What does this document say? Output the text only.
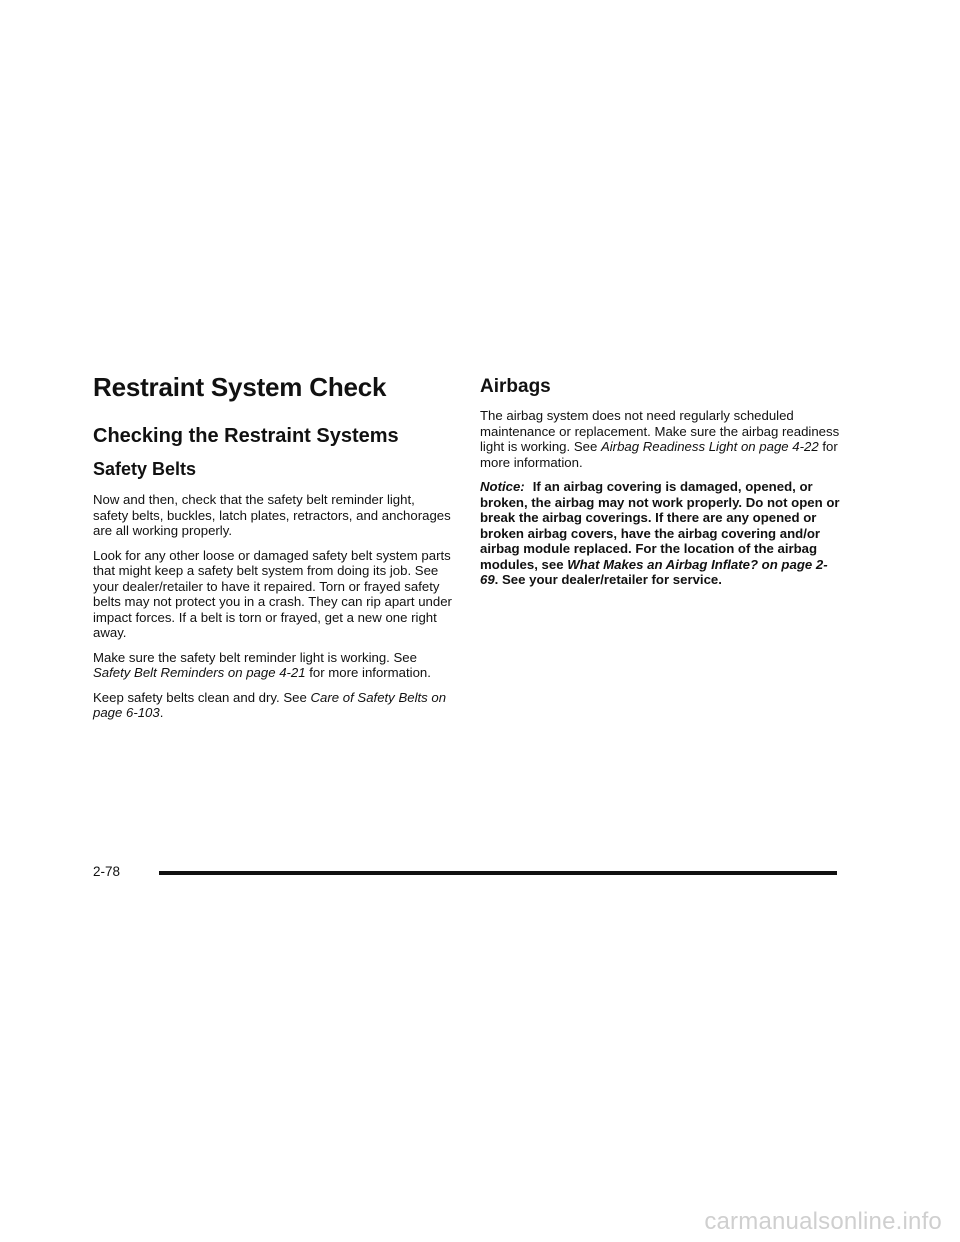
Restraint System Check
Checking the Restraint Systems
Safety Belts

Now and then, check that the safety belt reminder light, safety belts, buckles, latch plates, retractors, and anchorages are all working properly.

Look for any other loose or damaged safety belt system parts that might keep a safety belt system from doing its job. See your dealer/retailer to have it repaired. Torn or frayed safety belts may not protect you in a crash. They can rip apart under impact forces. If a belt is torn or frayed, get a new one right away.

Make sure the safety belt reminder light is working. See Safety Belt Reminders on page 4-21 for more information.

Keep safety belts clean and dry. See Care of Safety Belts on page 6-103.

Airbags

The airbag system does not need regularly scheduled maintenance or replacement. Make sure the airbag readiness light is working. See Airbag Readiness Light on page 4-22 for more information.

Notice: If an airbag covering is damaged, opened, or broken, the airbag may not work properly. Do not open or break the airbag coverings. If there are any opened or broken airbag covers, have the airbag covering and/or airbag module replaced. For the location of the airbag modules, see What Makes an Airbag Inflate? on page 2-69. See your dealer/retailer for service.

2-78
carmanualsonline.info
